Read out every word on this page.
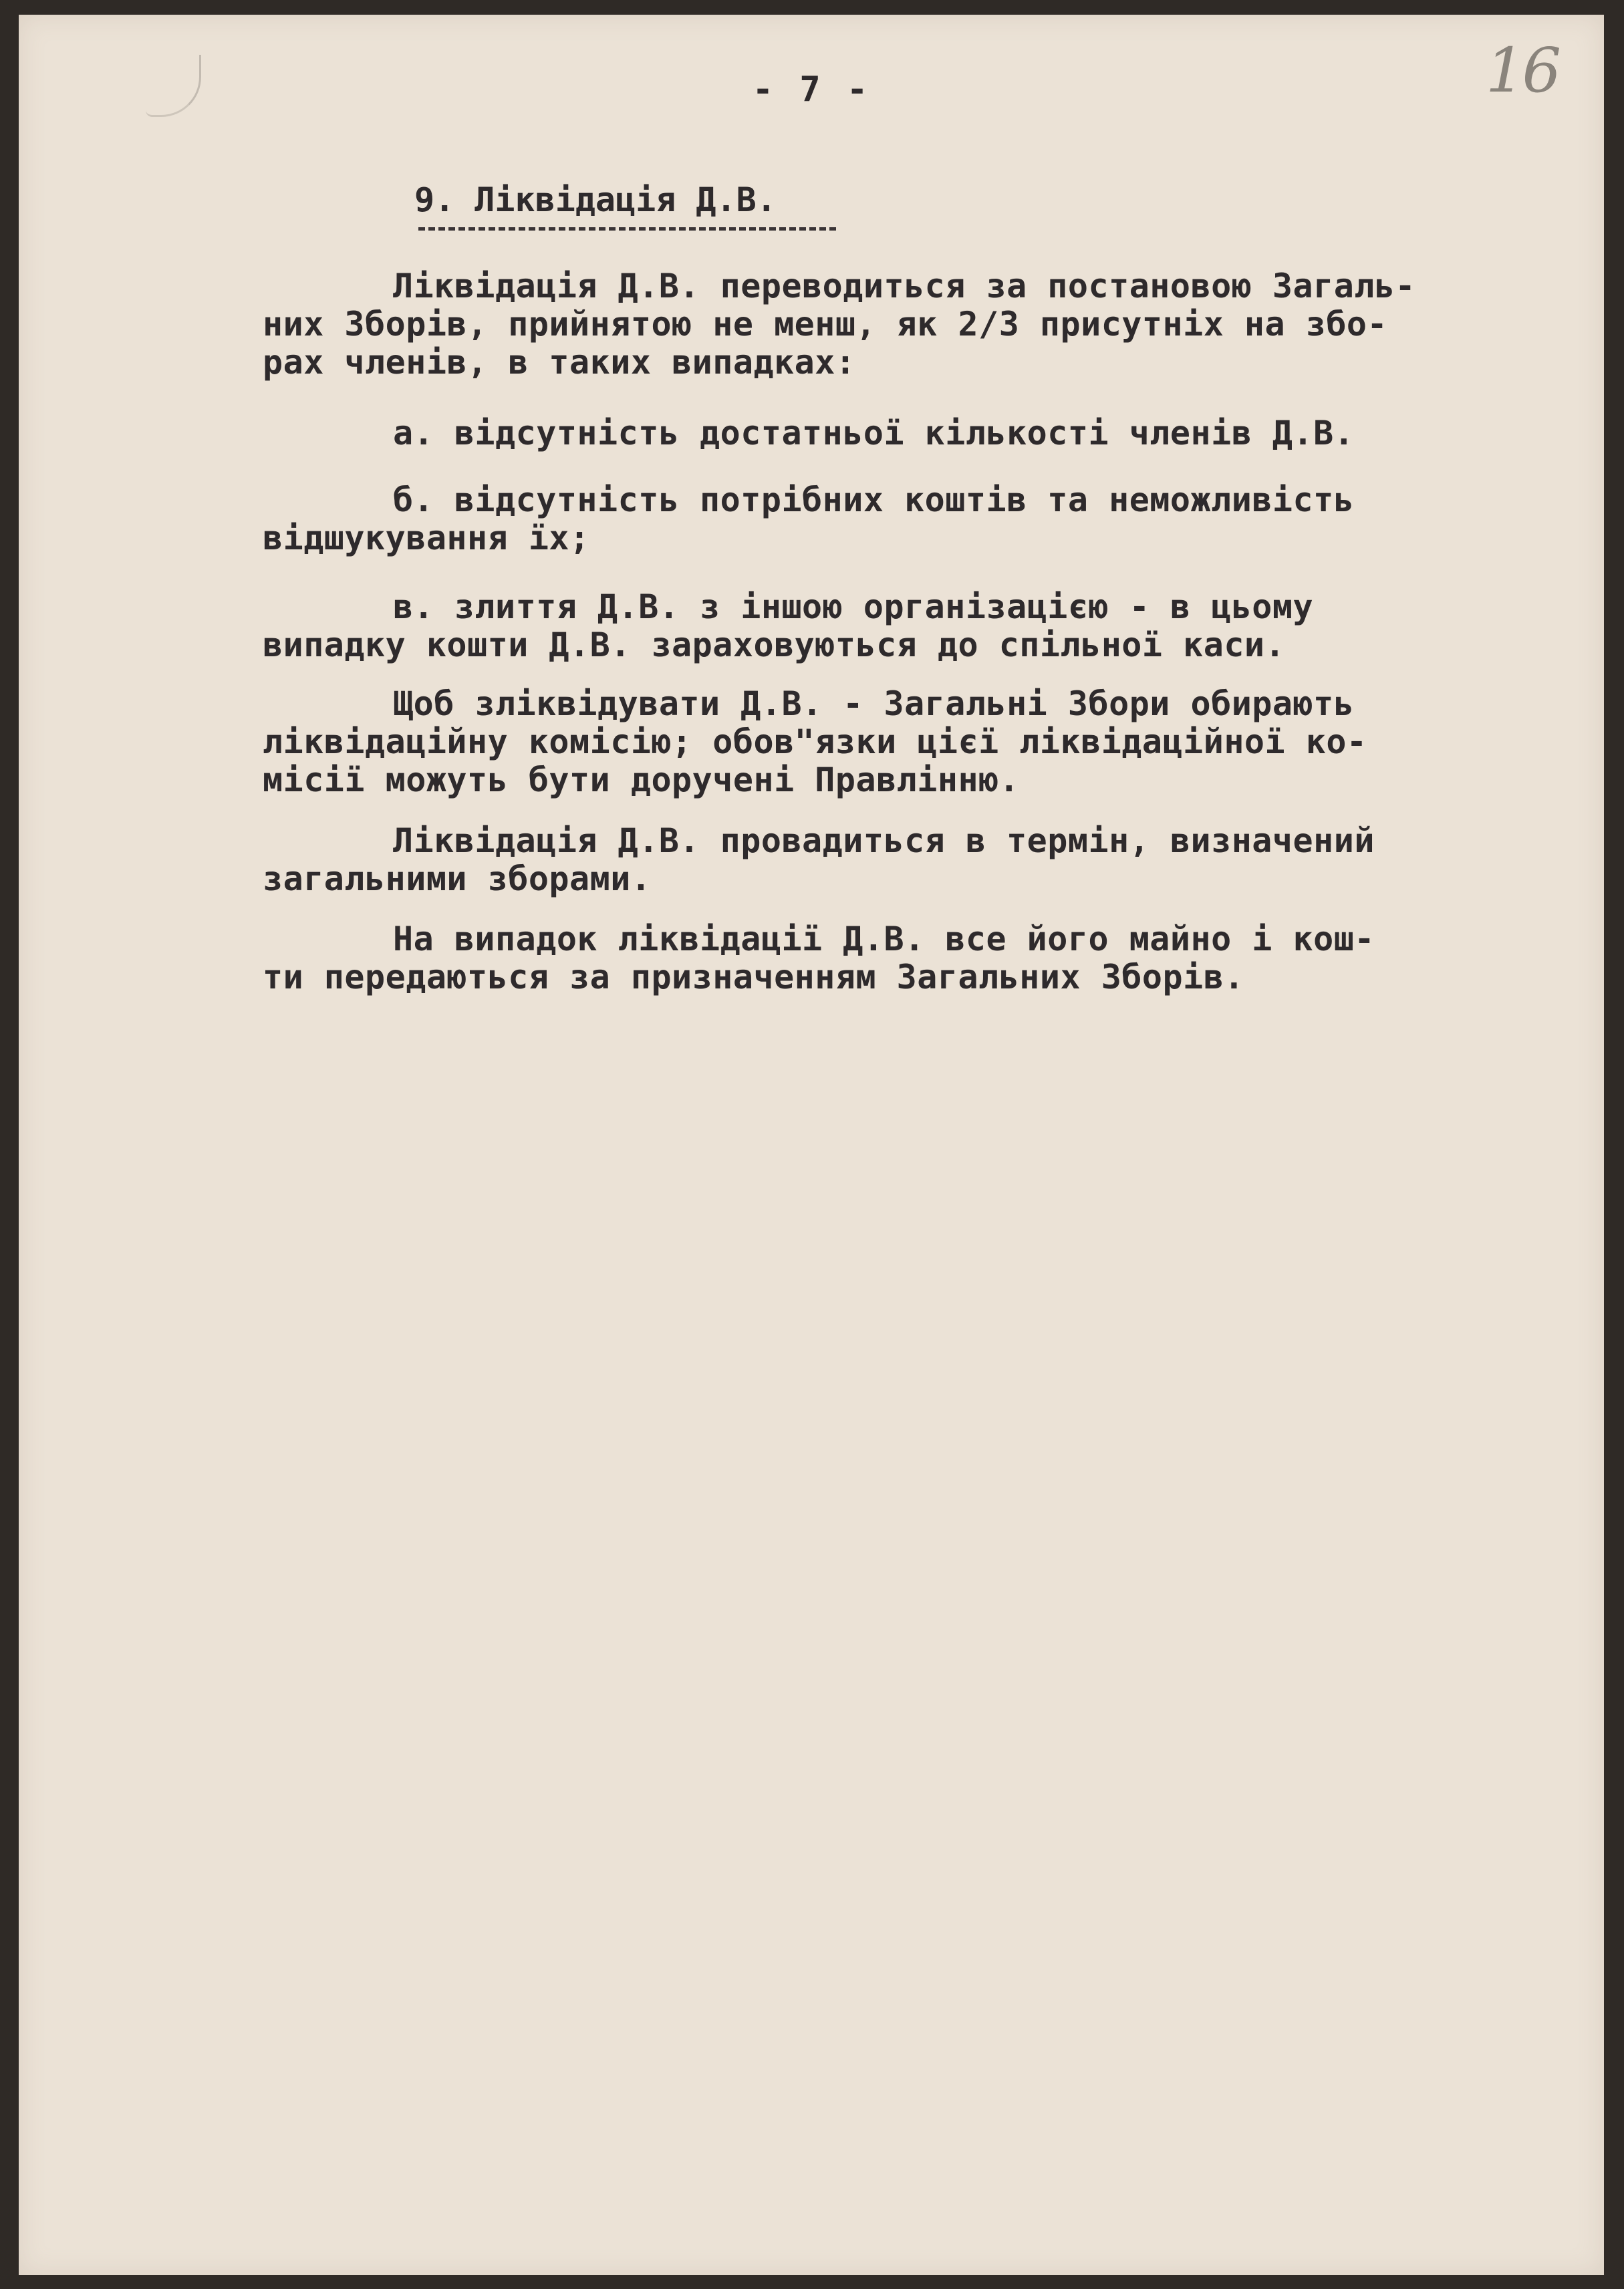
16
- 7 -
9. Ліквідація Д.В.
Ліквідація Д.В. переводиться за постановою Загаль-
них Зборів, прийнятою не менш, як 2/3 присутніх на збо-
рах членів, в таких випадках:
а. відсутність достатньої кількості членів Д.В.
б. відсутність потрібних коштів та неможливість
відшукування їх;
в. злиття Д.В. з іншою організацією - в цьому
випадку кошти Д.В. зараховуються до спільної каси.
Щоб зліквідувати Д.В. - Загальні Збори обирають
ліквідаційну комісію; обов"язки цієї ліквідаційної ко-
місії можуть бути доручені Правлінню.
Ліквідація Д.В. провадиться в термін, визначений
загальними зборами.
На випадок ліквідації Д.В. все його майно і кош-
ти передаються за призначенням Загальних Зборів.
